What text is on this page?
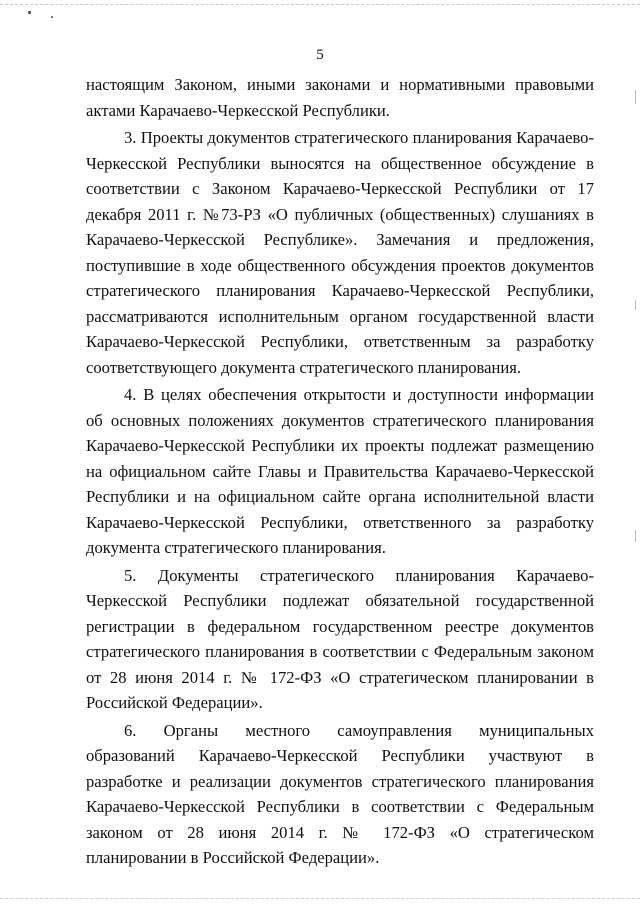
5

настоящим Законом, иными законами и нормативными правовыми актами Карачаево-Черкесской Республики.

3. Проекты документов стратегического планирования Карачаево-Черкесской Республики выносятся на общественное обсуждение в соответствии с Законом Карачаево-Черкесской Республики от 17 декабря 2011 г. №73-РЗ «О публичных (общественных) слушаниях в Карачаево-Черкесской Республике». Замечания и предложения, поступившие в ходе общественного обсуждения проектов документов стратегического планирования Карачаево-Черкесской Республики, рассматриваются исполнительным органом государственной власти Карачаево-Черкесской Республики, ответственным за разработку соответствующего документа стратегического планирования.

4. В целях обеспечения открытости и доступности информации об основных положениях документов стратегического планирования Карачаево-Черкесской Республики их проекты подлежат размещению на официальном сайте Главы и Правительства Карачаево-Черкесской Республики и на официальном сайте органа исполнительной власти Карачаево-Черкесской Республики, ответственного за разработку документа стратегического планирования.

5. Документы стратегического планирования Карачаево-Черкесской Республики подлежат обязательной государственной регистрации в федеральном государственном реестре документов стратегического планирования в соответствии с Федеральным законом от 28 июня 2014 г. № 172-ФЗ «О стратегическом планировании в Российской Федерации».

6. Органы местного самоуправления муниципальных образований Карачаево-Черкесской Республики участвуют в разработке и реализации документов стратегического планирования Карачаево-Черкесской Республики в соответствии с Федеральным законом от 28 июня 2014 г. № 172-ФЗ «О стратегическом планировании в Российской Федерации».
